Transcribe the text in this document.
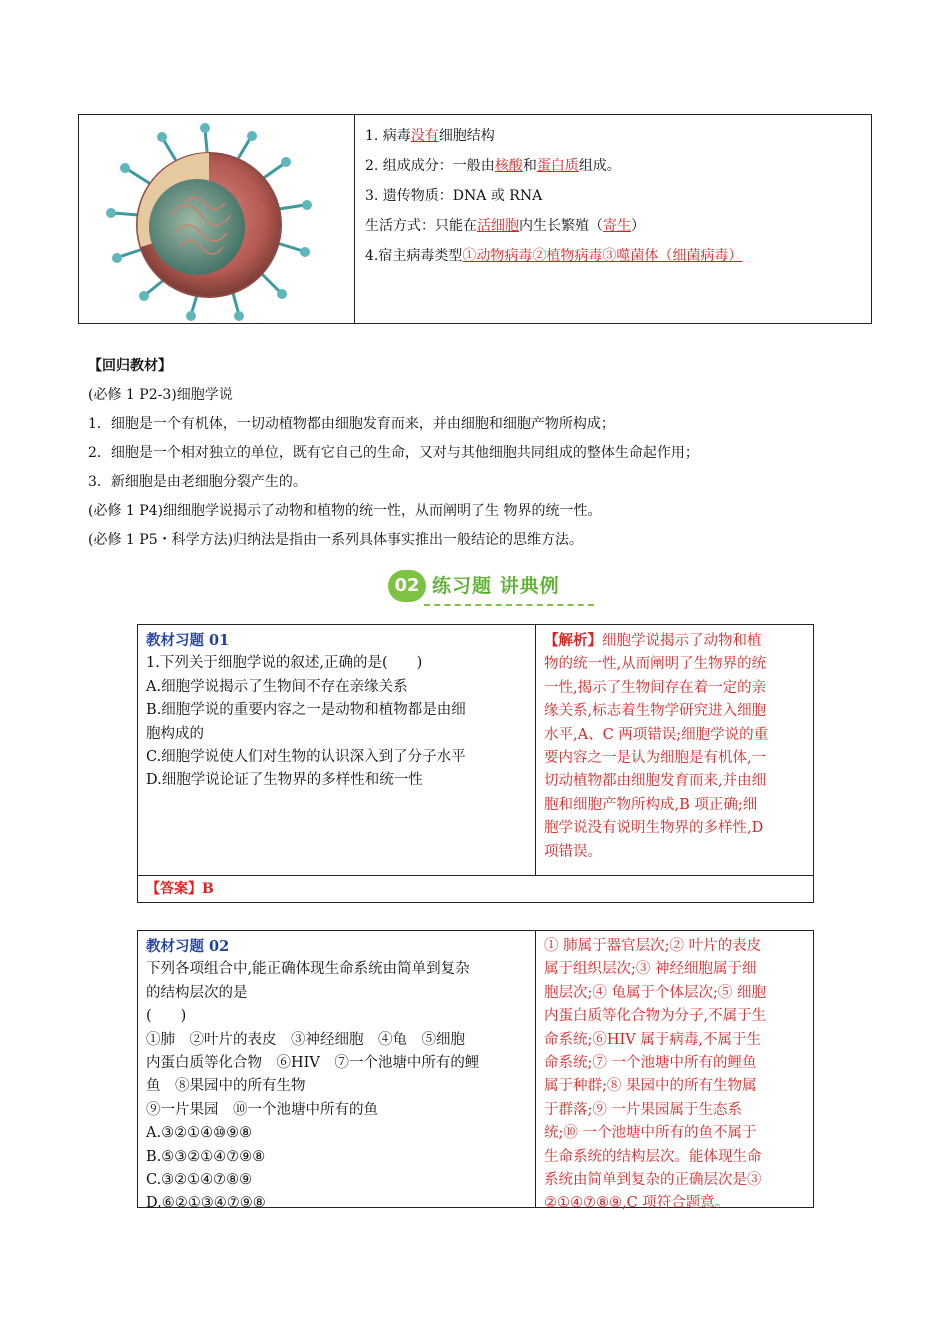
1. 病毒没有细胞结构
2. 组成成分：一般由核酸和蛋白质组成。
3. 遗传物质：DNA 或 RNA
生活方式：只能在活细胞内生长繁殖（寄生）
4.宿主病毒类型①动物病毒②植物病毒③噬菌体（细菌病毒）
【回归教材】
(必修 1 P2-3)细胞学说
1．细胞是一个有机体，一切动植物都由细胞发育而来，并由细胞和细胞产物所构成；
2．细胞是一个相对独立的单位，既有它自己的生命，又对与其他细胞共同组成的整体生命起作用；
3．新细胞是由老细胞分裂产生的。
(必修 1 P4)细细胞学说揭示了动物和植物的统一性，从而阐明了生 物界的统一性。
(必修 1 P5・科学方法)归纳法是指由一系列具体事实推出一般结论的思维方法。
02 练习题 讲典例
教材习题 01
1.下列关于细胞学说的叙述,正确的是(　　)
A.细胞学说揭示了生物间不存在亲缘关系
B.细胞学说的重要内容之一是动物和植物都是由细
胞构成的
C.细胞学说使人们对生物的认识深入到了分子水平
D.细胞学说论证了生物界的多样性和统一性
【解析】细胞学说揭示了动物和植
物的统一性,从而阐明了生物界的统
一性,揭示了生物间存在着一定的亲
缘关系,标志着生物学研究进入细胞
水平,A、C 两项错误;细胞学说的重
要内容之一是认为细胞是有机体,一
切动植物都由细胞发育而来,并由细
胞和细胞产物所构成,B 项正确;细
胞学说没有说明生物界的多样性,D
项错误。
【答案】B
教材习题 02
下列各项组合中,能正确体现生命系统由简单到复杂
的结构层次的是
(　　)
①肺　②叶片的表皮　③神经细胞　④龟　⑤细胞
内蛋白质等化合物　⑥HIV　⑦一个池塘中所有的鲤
鱼　⑧果园中的所有生物
⑨一片果园　⑩一个池塘中所有的鱼
A.③②①④⑩⑨⑧
B.⑤③②①④⑦⑨⑧
C.③②①④⑦⑧⑨
D.⑥②①③④⑦⑨⑧
① 肺属于器官层次;② 叶片的表皮
属于组织层次;③ 神经细胞属于细
胞层次;④ 龟属于个体层次;⑤ 细胞
内蛋白质等化合物为分子,不属于生
命系统;⑥HIV 属于病毒,不属于生
命系统;⑦ 一个池塘中所有的鲤鱼
属于种群;⑧ 果园中的所有生物属
于群落;⑨ 一片果园属于生态系
统;⑩ 一个池塘中所有的鱼不属于
生命系统的结构层次。能体现生命
系统由简单到复杂的正确层次是③
②①④⑦⑧⑨,C 项符合题意。
